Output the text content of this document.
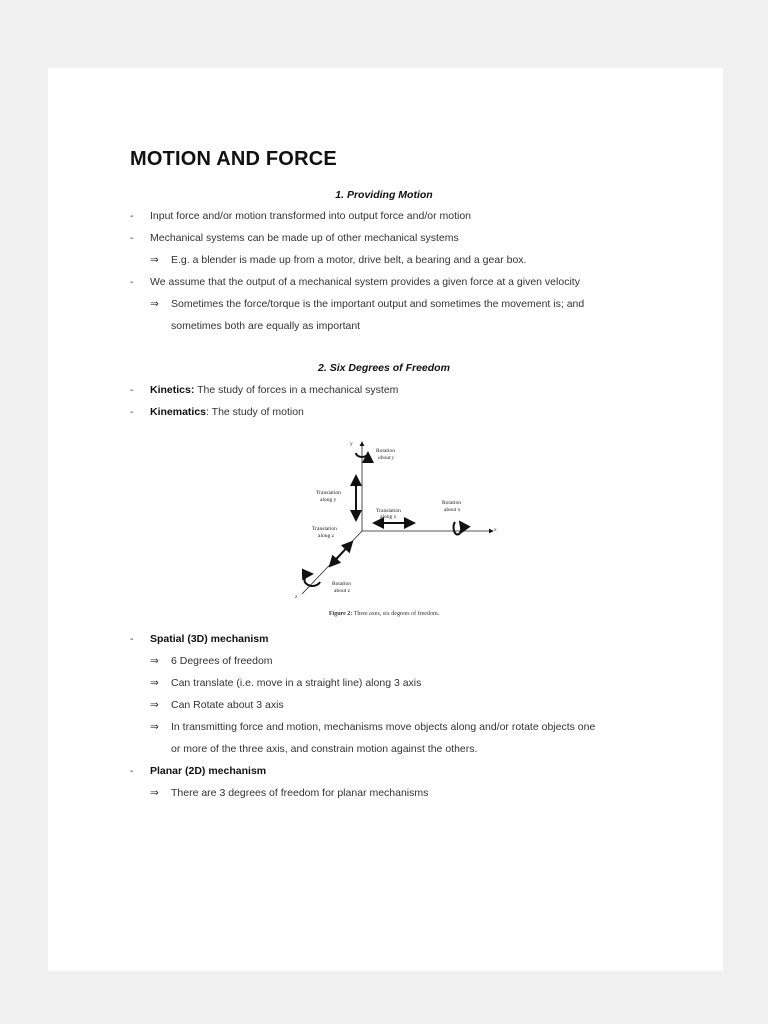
MOTION AND FORCE
1. Providing Motion
- Input force and/or motion transformed into output force and/or motion
- Mechanical systems can be made up of other mechanical systems
⇒ E.g. a blender is made up from a motor, drive belt, a bearing and a gear box.
- We assume that the output of a mechanical system provides a given force at a given velocity
⇒ Sometimes the force/torque is the important output and sometimes the movement is; and
sometimes both are equally as important
2. Six Degrees of Freedom
- Kinetics: The study of forces in a mechanical system
- Kinematics: The study of motion
y
x
z
Rotation
about y
Translation
along y
Translation
along x
Rotation
about x
Translation
along z
Rotation
about z
Figure 2: Three axes, six degrees of freedom.
- Spatial (3D) mechanism
⇒ 6 Degrees of freedom
⇒ Can translate (i.e. move in a straight line) along 3 axis
⇒ Can Rotate about 3 axis
⇒ In transmitting force and motion, mechanisms move objects along and/or rotate objects one
or more of the three axis, and constrain motion against the others.
- Planar (2D) mechanism
⇒ There are 3 degrees of freedom for planar mechanisms
